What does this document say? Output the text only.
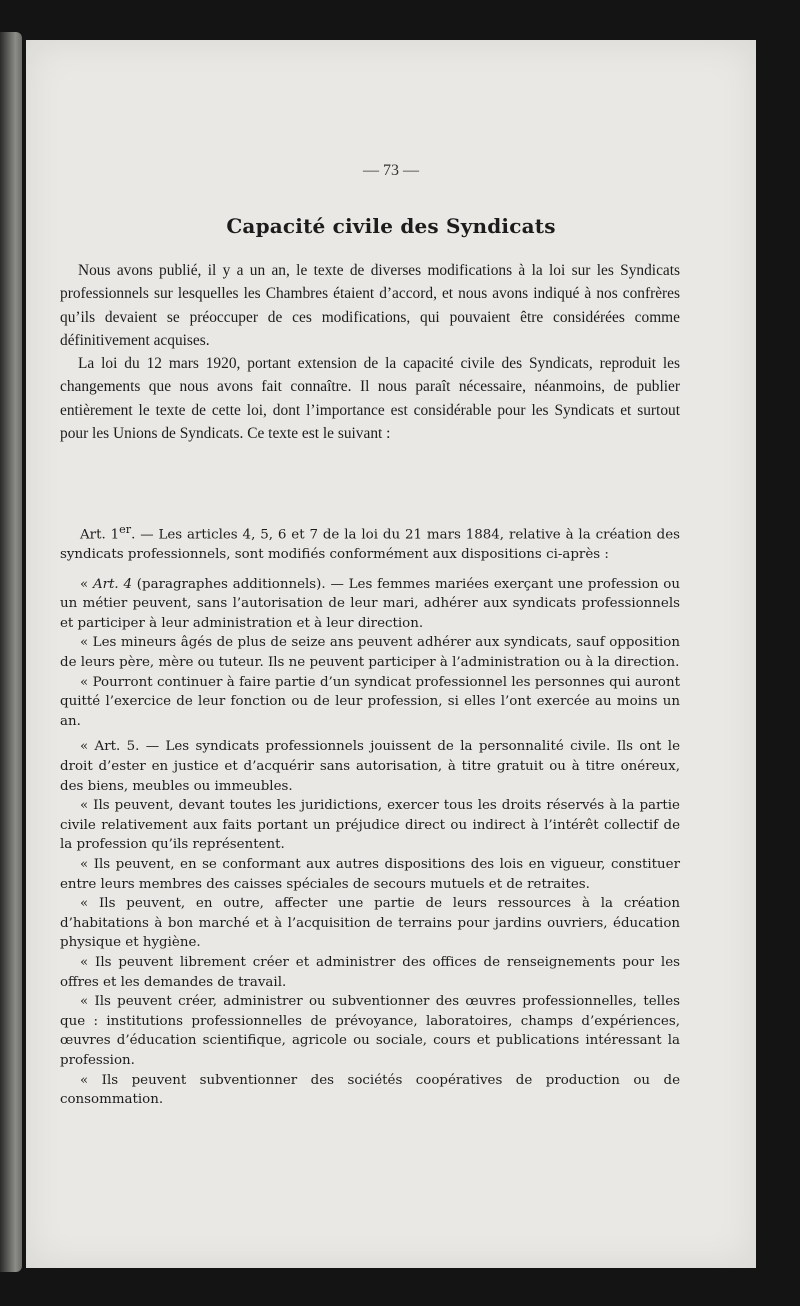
— 73 —
Capacité civile des Syndicats

Nous avons publié, il y a un an, le texte de diverses modifications à la loi sur les Syndicats professionnels sur lesquelles les Chambres étaient d’accord, et nous avons indiqué à nos confrères qu’ils devaient se préoccuper de ces modifications, qui pouvaient être considérées comme définitivement acquises.

La loi du 12 mars 1920, portant extension de la capacité civile des Syndicats, reproduit les changements que nous avons fait connaître. Il nous paraît nécessaire, néanmoins, de publier entièrement le texte de cette loi, dont l’importance est considérable pour les Syndicats et surtout pour les Unions de Syndicats. Ce texte est le suivant :

Art. 1er. — Les articles 4, 5, 6 et 7 de la loi du 21 mars 1884, relative à la création des syndicats professionnels, sont modifiés conformément aux dispositions ci-après :

« Art. 4 (paragraphes additionnels). — Les femmes mariées exerçant une profession ou un métier peuvent, sans l’autorisation de leur mari, adhérer aux syndicats professionnels et participer à leur administration et à leur direction.

« Les mineurs âgés de plus de seize ans peuvent adhérer aux syndicats, sauf opposition de leurs père, mère ou tuteur. Ils ne peuvent participer à l’administration ou à la direction.

« Pourront continuer à faire partie d’un syndicat professionnel les personnes qui auront quitté l’exercice de leur fonction ou de leur profession, si elles l’ont exercée au moins un an.

« Art. 5. — Les syndicats professionnels jouissent de la personnalité civile. Ils ont le droit d’ester en justice et d’acquérir sans autorisation, à titre gratuit ou à titre onéreux, des biens, meubles ou immeubles.

« Ils peuvent, devant toutes les juridictions, exercer tous les droits réservés à la partie civile relativement aux faits portant un préjudice direct ou indirect à l’intérêt collectif de la profession qu’ils représentent.

« Ils peuvent, en se conformant aux autres dispositions des lois en vigueur, constituer entre leurs membres des caisses spéciales de secours mutuels et de retraites.

« Ils peuvent, en outre, affecter une partie de leurs ressources à la création d’habitations à bon marché et à l’acquisition de terrains pour jardins ouvriers, éducation physique et hygiène.

« Ils peuvent librement créer et administrer des offices de renseignements pour les offres et les demandes de travail.

« Ils peuvent créer, administrer ou subventionner des œuvres professionnelles, telles que : institutions professionnelles de prévoyance, laboratoires, champs d’expériences, œuvres d’éducation scientifique, agricole ou sociale, cours et publications intéressant la profession.

« Ils peuvent subventionner des sociétés coopératives de production ou de consommation.
